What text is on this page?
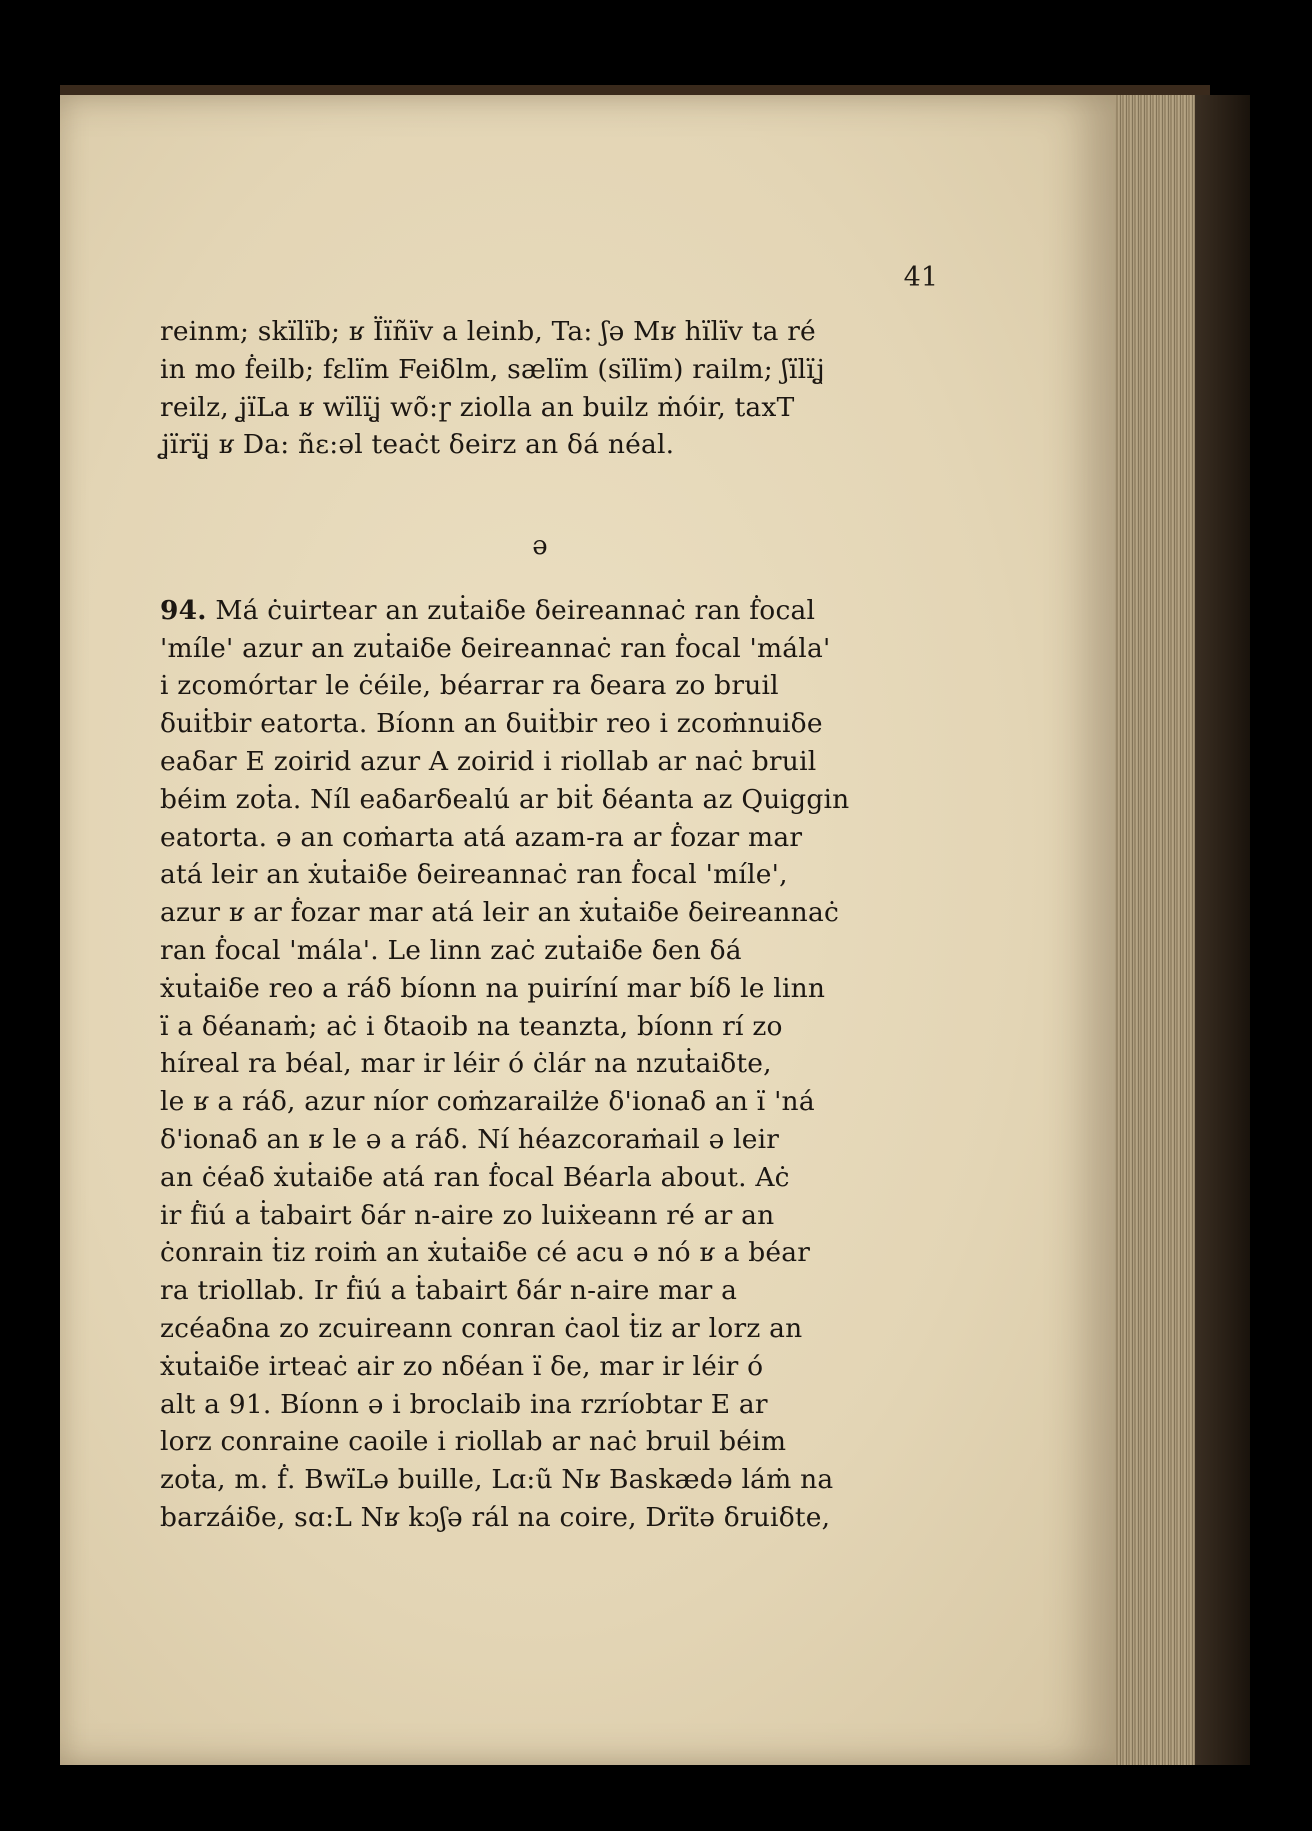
41

reinm; skïlïb; ʁ Ïïñïv a leinb, Ta: ʃə Mʁ hïlïv ta ré

in mo ḟeilb; fɛlïm Feiδlm, sælïm (sïlïm) railm; ʃïlïʝ

reilz, ʝïLa ʁ wïlïʝ wõ:ɼ ziolla an builz ṁóir, taxT

ʝïrïʝ ʁ Da: ñɛ:əl teaċt δeirz an δá néal.

ə

94. Má ċuirtear an zuṫaiδe δeireannaċ ran ḟocal

'míle' azur an zuṫaiδe δeireannaċ ran ḟocal 'mála'

i zcomórtar le ċéile, béarrar ra δeara zo bruil

δuiṫbir eatorta. Bíonn an δuiṫbir reo i zcoṁnuiδe

eaδar E zoirid azur A zoirid i riollab ar naċ bruil

béim zoṫa. Níl eaδarδealú ar biṫ δéanta az Quiggin

eatorta. ə an coṁarta atá azam-ra ar ḟozar mar

atá leir an ẋuṫaiδe δeireannaċ ran ḟocal 'míle',

azur ʁ ar ḟozar mar atá leir an ẋuṫaiδe δeireannaċ

ran ḟocal 'mála'. Le linn zaċ zuṫaiδe δen δá

ẋuṫaiδe reo a ráδ bíonn na puiríní mar bíδ le linn

ï a δéanaṁ; aċ i δtaoib na teanzta, bíonn rí zo

híreal ra béal, mar ir léir ó ċlár na nzuṫaiδte,

le ʁ a ráδ, azur níor coṁzarailże δ'ionaδ an ï 'ná

δ'ionaδ an ʁ le ə a ráδ. Ní héazcoraṁail ə leir

an ċéaδ ẋuṫaiδe atá ran ḟocal Béarla about. Aċ

ir ḟiú a ṫabairt δár n-aire zo luiẋeann ré ar an

ċonrain ṫiz roiṁ an ẋuṫaiδe cé acu ə nó ʁ a béar

ra triollab. Ir ḟiú a ṫabairt δár n-aire mar a

zcéaδna zo zcuireann conran ċaol ṫiz ar lorz an

ẋuṫaiδe irteaċ air zo nδéan ï δe, mar ir léir ó

alt a 91. Bíonn ə i broclaib ina rzríobtar E ar

lorz conraine caoile i riollab ar naċ bruil béim

zoṫa, m. ḟ. BwïLə buille, Lɑ:ũ Nʁ Baskædə láṁ na

barzáiδe, sɑ:L Nʁ kɔʃə rál na coire, Drïtə δruiδte,
